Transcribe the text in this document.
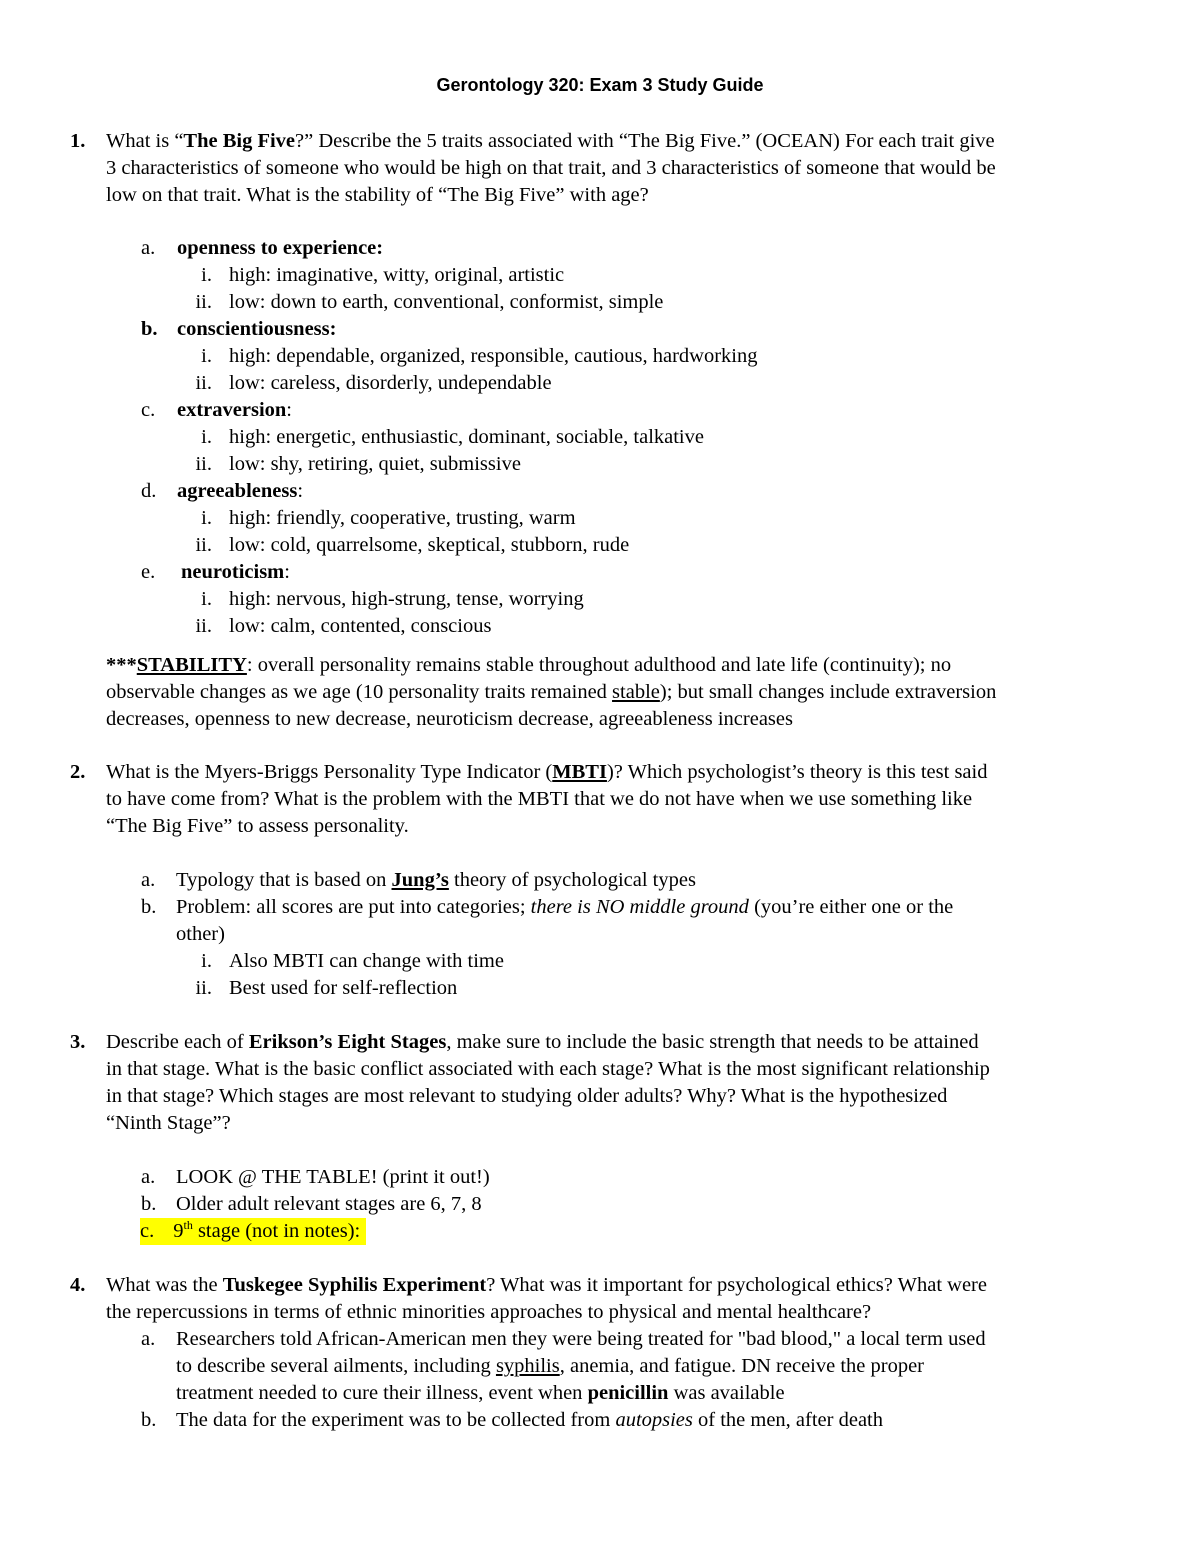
Gerontology 320: Exam 3 Study Guide
1. What is “The Big Five?” Describe the 5 traits associated with “The Big Five.” (OCEAN) For each trait give
3 characteristics of someone who would be high on that trait, and 3 characteristics of someone that would be
low on that trait. What is the stability of “The Big Five” with age?
a. openness to experience:
i. high: imaginative, witty, original, artistic
ii. low: down to earth, conventional, conformist, simple
b. conscientiousness:
i. high: dependable, organized, responsible, cautious, hardworking
ii. low: careless, disorderly, undependable
c. extraversion:
i. high: energetic, enthusiastic, dominant, sociable, talkative
ii. low: shy, retiring, quiet, submissive
d. agreeableness:
i. high: friendly, cooperative, trusting, warm
ii. low: cold, quarrelsome, skeptical, stubborn, rude
e. neuroticism:
i. high: nervous, high-strung, tense, worrying
ii. low: calm, contented, conscious
***STABILITY: overall personality remains stable throughout adulthood and late life (continuity); no
observable changes as we age (10 personality traits remained stable); but small changes include extraversion
decreases, openness to new decrease, neuroticism decrease, agreeableness increases
2. What is the Myers-Briggs Personality Type Indicator (MBTI)? Which psychologist’s theory is this test said
to have come from? What is the problem with the MBTI that we do not have when we use something like
“The Big Five” to assess personality.
a. Typology that is based on Jung’s theory of psychological types
b. Problem: all scores are put into categories; there is NO middle ground (you’re either one or the
other)
i. Also MBTI can change with time
ii. Best used for self-reflection
3. Describe each of Erikson’s Eight Stages, make sure to include the basic strength that needs to be attained
in that stage. What is the basic conflict associated with each stage? What is the most significant relationship
in that stage? Which stages are most relevant to studying older adults? Why? What is the hypothesized
“Ninth Stage”?
a. LOOK @ THE TABLE! (print it out!)
b. Older adult relevant stages are 6, 7, 8
c. 9th stage (not in notes):
4. What was the Tuskegee Syphilis Experiment? What was it important for psychological ethics? What were
the repercussions in terms of ethnic minorities approaches to physical and mental healthcare?
a. Researchers told African-American men they were being treated for "bad blood," a local term used
to describe several ailments, including syphilis, anemia, and fatigue. DN receive the proper
treatment needed to cure their illness, event when penicillin was available
b. The data for the experiment was to be collected from autopsies of the men, after death
